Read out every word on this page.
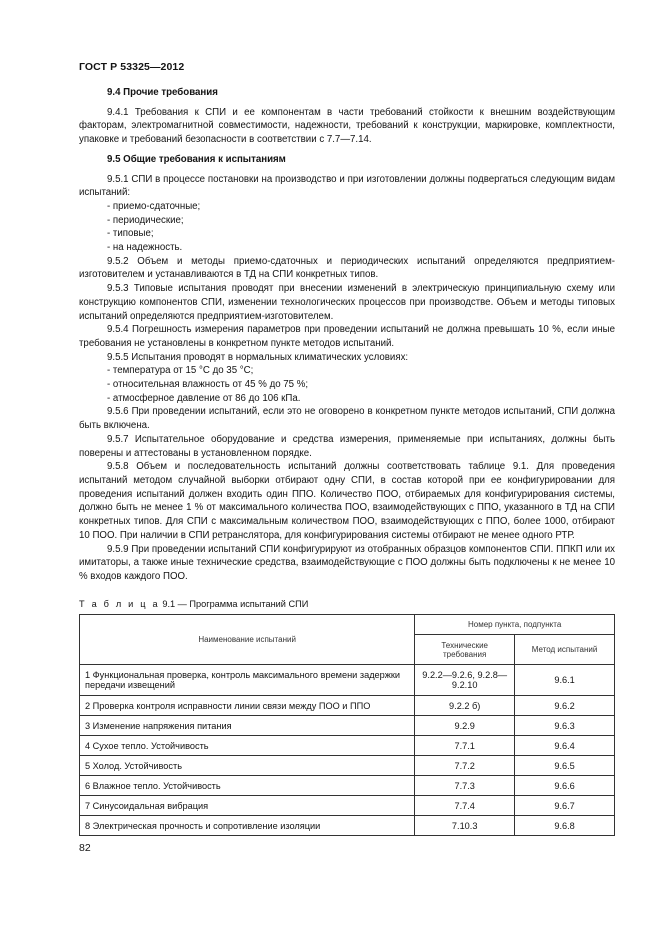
ГОСТ Р 53325—2012

9.4 Прочие требования

9.4.1 Требования к СПИ и ее компонентам в части требований стойкости к внешним воздействующим факторам, электромагнитной совместимости, надежности, требований к конструкции, маркировке, комплектности, упаковке и требований безопасности в соответствии с 7.7—7.14.

9.5 Общие требования к испытаниям

9.5.1 СПИ в процессе постановки на производство и при изготовлении должны подвергаться следующим видам испытаний:

- приемо-сдаточные;

- периодические;

- типовые;

- на надежность.

9.5.2 Объем и методы приемо-сдаточных и периодических испытаний определяются предприятием-изготовителем и устанавливаются в ТД на СПИ конкретных типов.

9.5.3 Типовые испытания проводят при внесении изменений в электрическую принципиальную схему или конструкцию компонентов СПИ, изменении технологических процессов при производстве. Объем и методы типовых испытаний определяются предприятием-изготовителем.

9.5.4 Погрешность измерения параметров при проведении испытаний не должна превышать 10 %, если иные требования не установлены в конкретном пункте методов испытаний.

9.5.5 Испытания проводят в нормальных климатических условиях:

- температура от 15 °С до 35 °С;

- относительная влажность от 45 % до 75 %;

- атмосферное давление от 86 до 106 кПа.

9.5.6 При проведении испытаний, если это не оговорено в конкретном пункте методов испытаний, СПИ должна быть включена.

9.5.7 Испытательное оборудование и средства измерения, применяемые при испытаниях, должны быть поверены и аттестованы в установленном порядке.

9.5.8 Объем и последовательность испытаний должны соответствовать таблице 9.1. Для проведения испытаний методом случайной выборки отбирают одну СПИ, в состав которой при ее конфигурировании для проведения испытаний должен входить один ППО. Количество ПОО, отбираемых для конфигурирования системы, должно быть не менее 1 % от максимального количества ПОО, взаимодействующих с ППО, указанного в ТД на СПИ конкретных типов. Для СПИ с максимальным количеством ПОО, взаимодействующих с ППО, более 1000, отбирают 10 ПОО. При наличии в СПИ ретранслятора, для конфигурирования системы отбирают не менее одного РТР.

9.5.9 При проведении испытаний СПИ конфигурируют из отобранных образцов компонентов СПИ. ППКП или их имитаторы, а также иные технические средства, взаимодействующие с ПОО должны быть подключены к не менее 10 % входов каждого ПОО.

Т а б л и ц а 9.1 — Программа испытаний СПИ
Наименование испытаний	Номер пункта, подпункта	
	Технические требования	Метод испытаний
1 Функциональная проверка, контроль максимального времени задержки передачи извещений	9.2.2—9.2.6, 9.2.8—9.2.10	9.6.1
2 Проверка контроля исправности линии связи между ПОО и ППО	9.2.2 б)	9.6.2
3 Изменение напряжения питания	9.2.9	9.6.3
4 Сухое тепло. Устойчивость	7.7.1	9.6.4
5 Холод. Устойчивость	7.7.2	9.6.5
6 Влажное тепло. Устойчивость	7.7.3	9.6.6
7 Синусоидальная вибрация	7.7.4	9.6.7
8 Электрическая прочность и сопротивление изоляции	7.10.3	9.6.8
82
